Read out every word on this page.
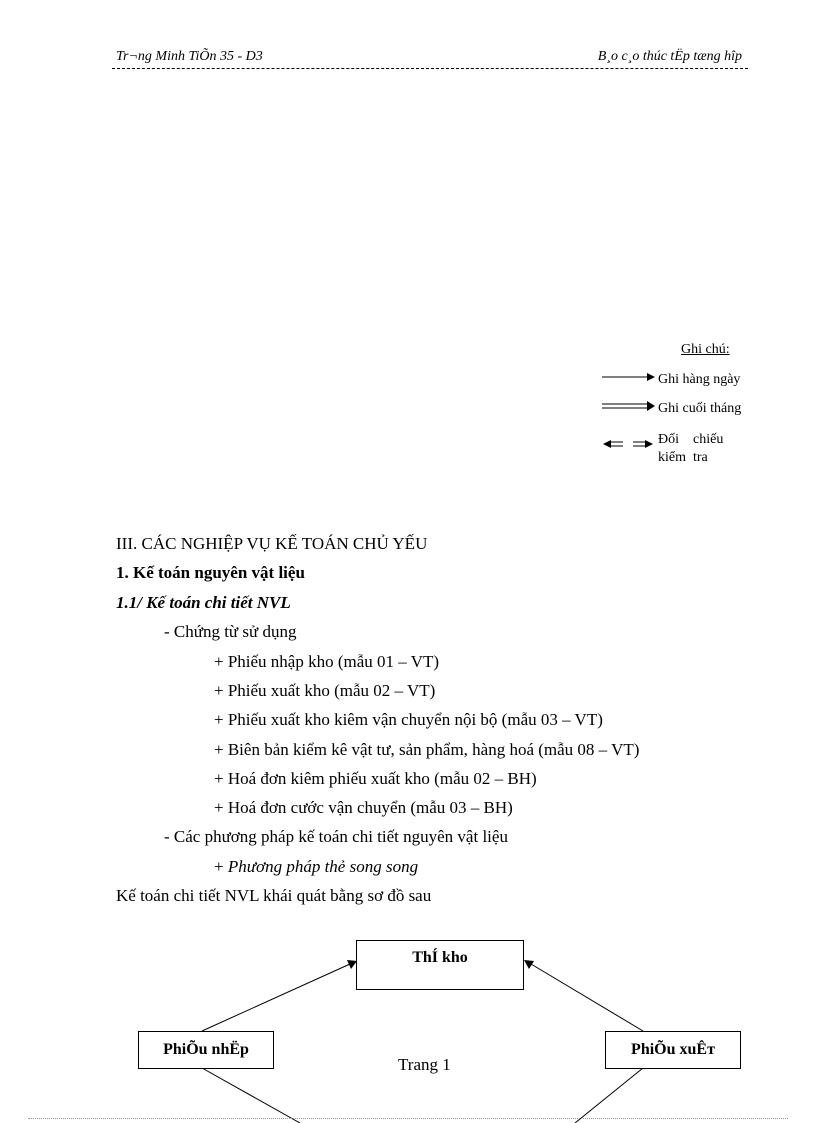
Tr¬ng Minh TiÕn 35 - D3	B¸o c¸o thúc tËp tæng hîp
Ghi chú:
Ghi hàng ngày
Ghi cuối tháng
Đối    chiếu
kiểm  tra
III. CÁC NGHIỆP VỤ KẾ TOÁN CHỦ YẾU
1. Kế toán nguyên vật liệu
1.1/ Kế toán chi tiết NVL
- Chứng từ sử dụng
+ Phiếu nhập kho (mẫu 01 – VT)
+ Phiếu xuất kho (mẫu 02 – VT)
+ Phiếu xuất kho kiêm vận chuyển nội bộ (mẫu 03 – VT)
+ Biên bản kiểm kê vật tư, sản phẩm, hàng hoá (mẫu 08 – VT)
+ Hoá đơn kiêm phiếu xuất kho (mẫu 02 – BH)
+ Hoá đơn cước vận chuyển (mẫu 03 – BH)
- Các phương pháp kế toán chi tiết nguyên vật liệu
+ Phương pháp thẻ song song
Kế toán chi tiết NVL khái quát bằng sơ đồ sau
ThÍ kho
PhiÕu nhËp	PhiÕu xuÊт
Trang 1
